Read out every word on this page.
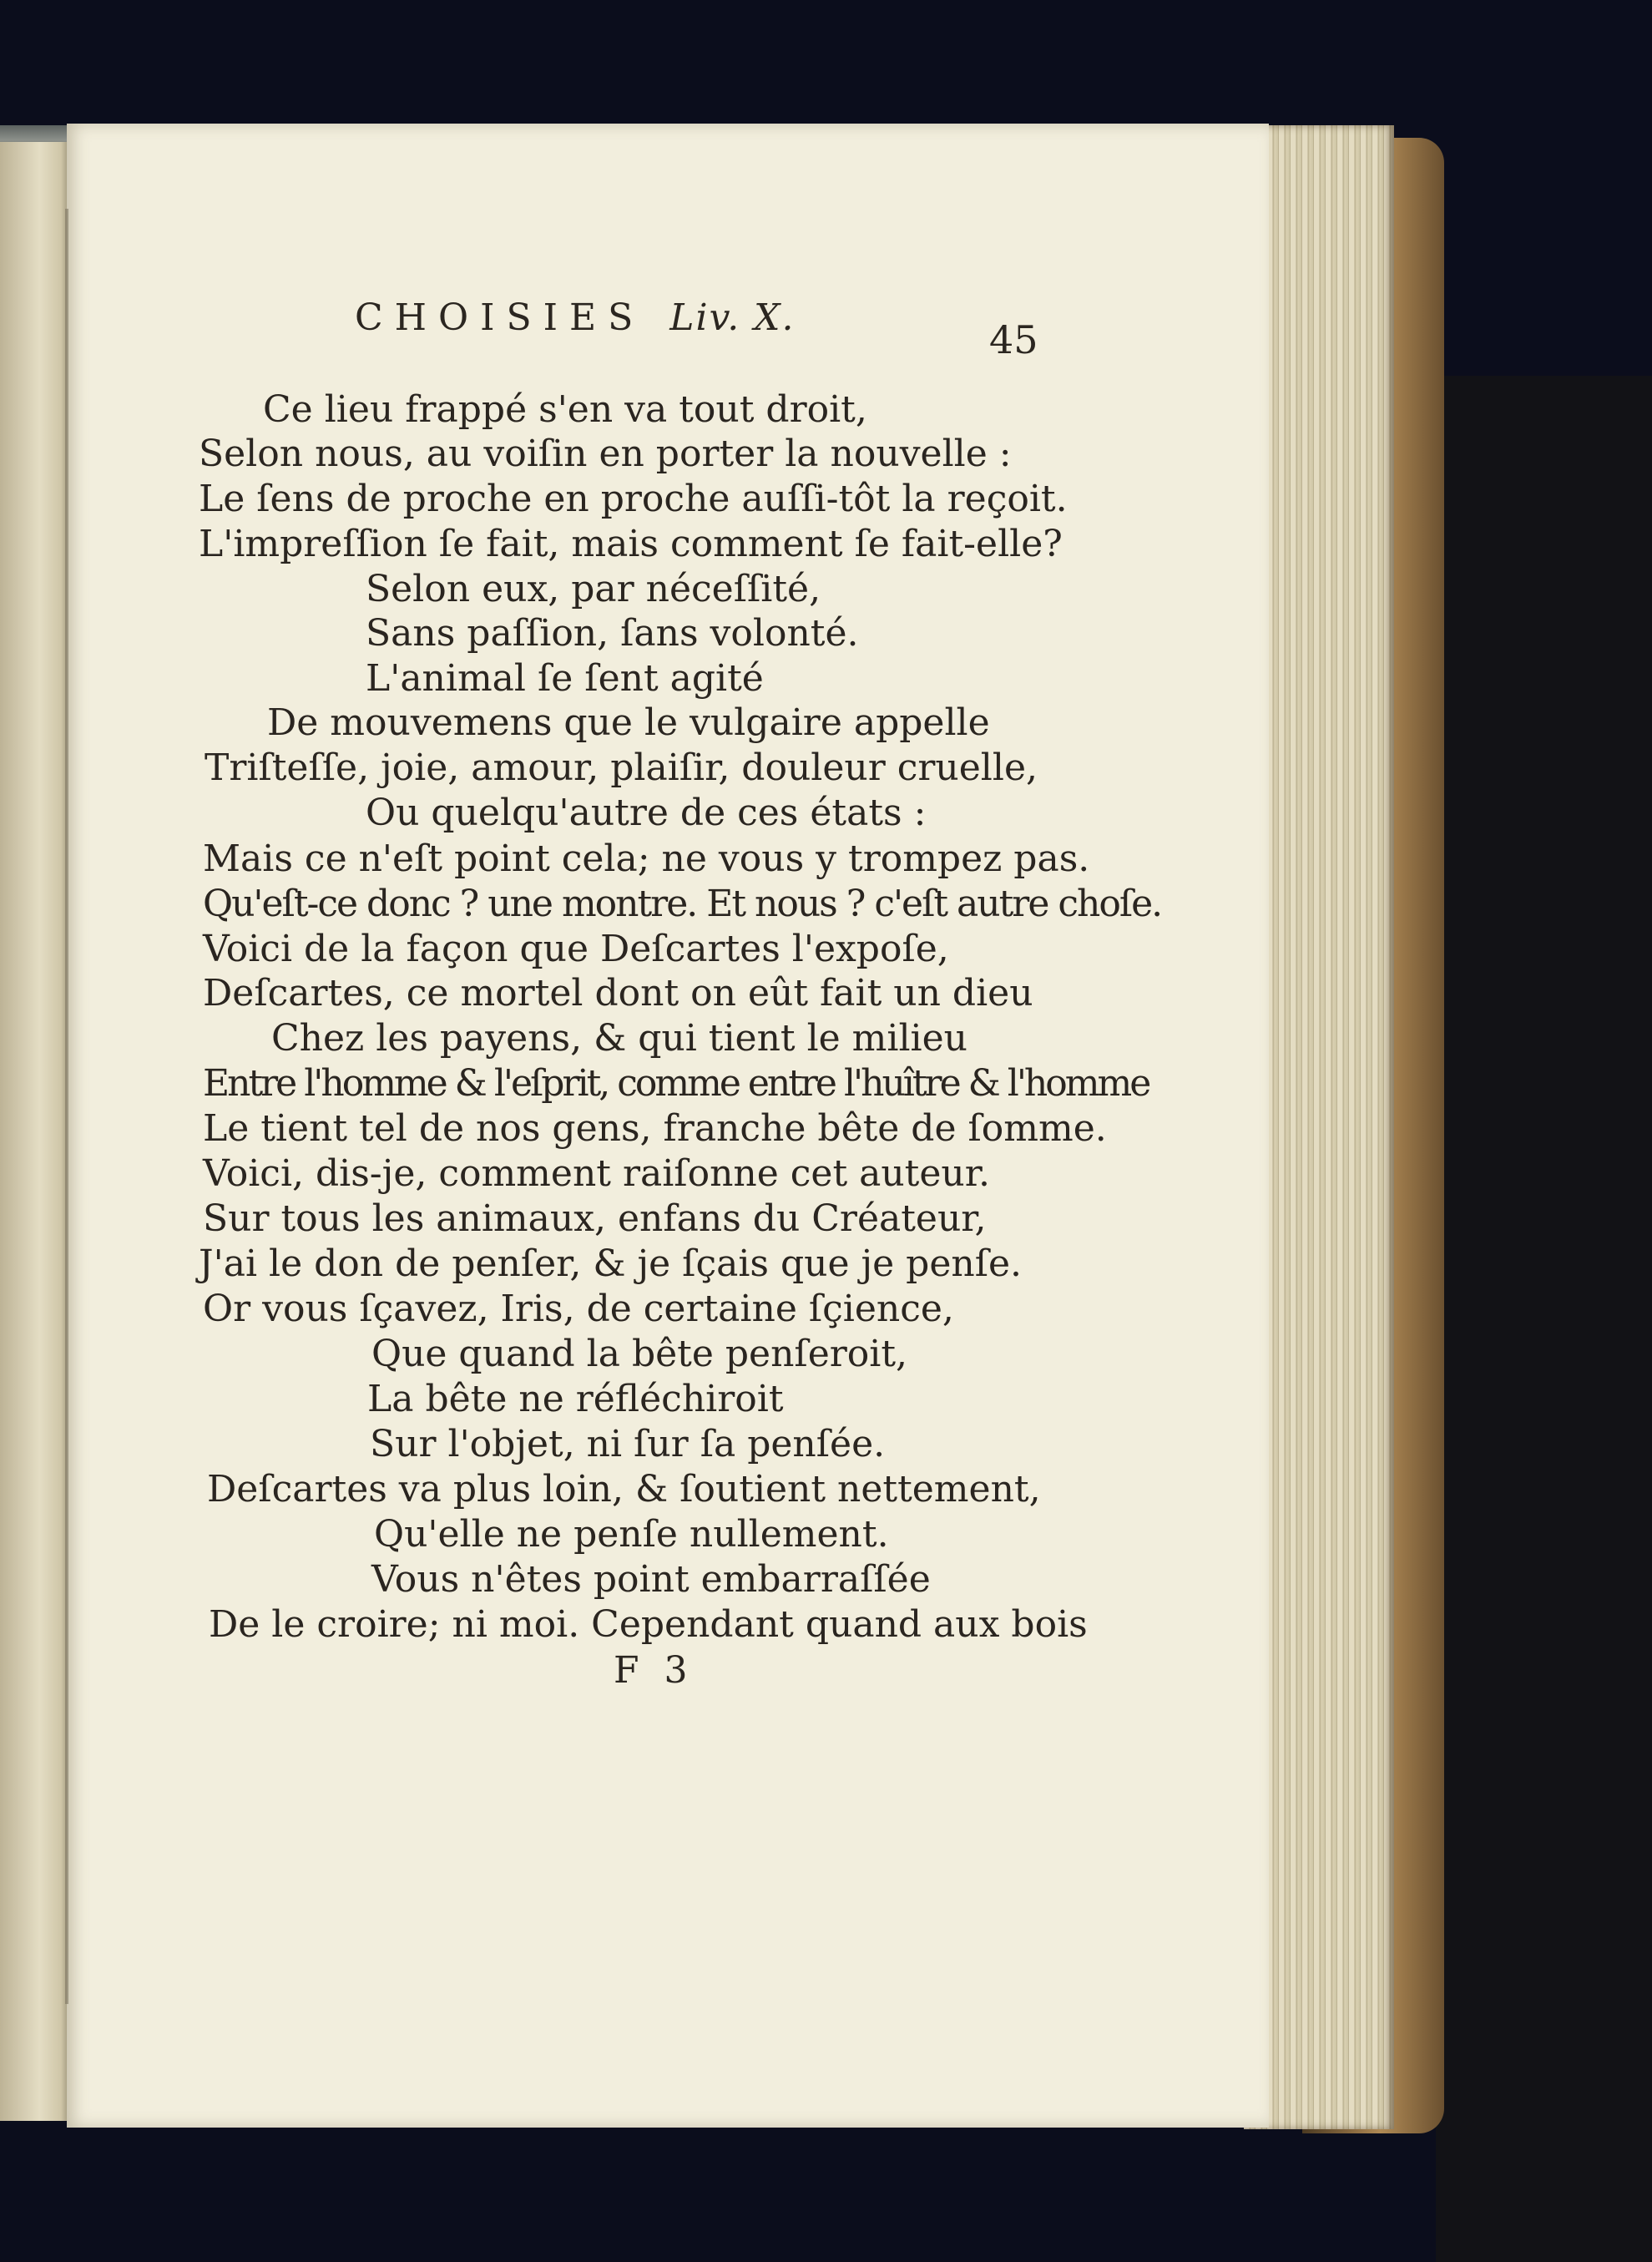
CHOISIES Liv. X.	45
Ce lieu frappé s'en va tout droit,
Selon nous, au voiſin en porter la nouvelle :
Le ſens de proche en proche auſſi-tôt la reçoit.
L'impreſſion ſe fait, mais comment ſe fait-elle?
Selon eux, par néceſſité,
Sans paſſion, ſans volonté.
L'animal ſe ſent agité
De mouvemens que le vulgaire appelle
Triſteſſe, joie, amour, plaiſir, douleur cruelle,
Ou quelqu'autre de ces états :
Mais ce n'eſt point cela; ne vous y trompez pas.
Qu'eſt-ce donc ? une montre. Et nous ? c'eſt autre choſe.
Voici de la façon que Deſcartes l'expoſe,
Deſcartes, ce mortel dont on eût fait un dieu
Chez les payens, & qui tient le milieu
Entre l'homme & l'eſprit, comme entre l'huître & l'homme
Le tient tel de nos gens, franche bête de ſomme.
Voici, dis-je, comment raiſonne cet auteur.
Sur tous les animaux, enfans du Créateur,
J'ai le don de penſer, & je ſçais que je penſe.
Or vous ſçavez, Iris, de certaine ſçience,
Que quand la bête penſeroit,
La bête ne réfléchiroit
Sur l'objet, ni ſur ſa penſée.
Deſcartes va plus loin, & ſoutient nettement,
Qu'elle ne penſe nullement.
Vous n'êtes point embarraſſée
De le croire; ni moi. Cependant quand aux bois
F 3
